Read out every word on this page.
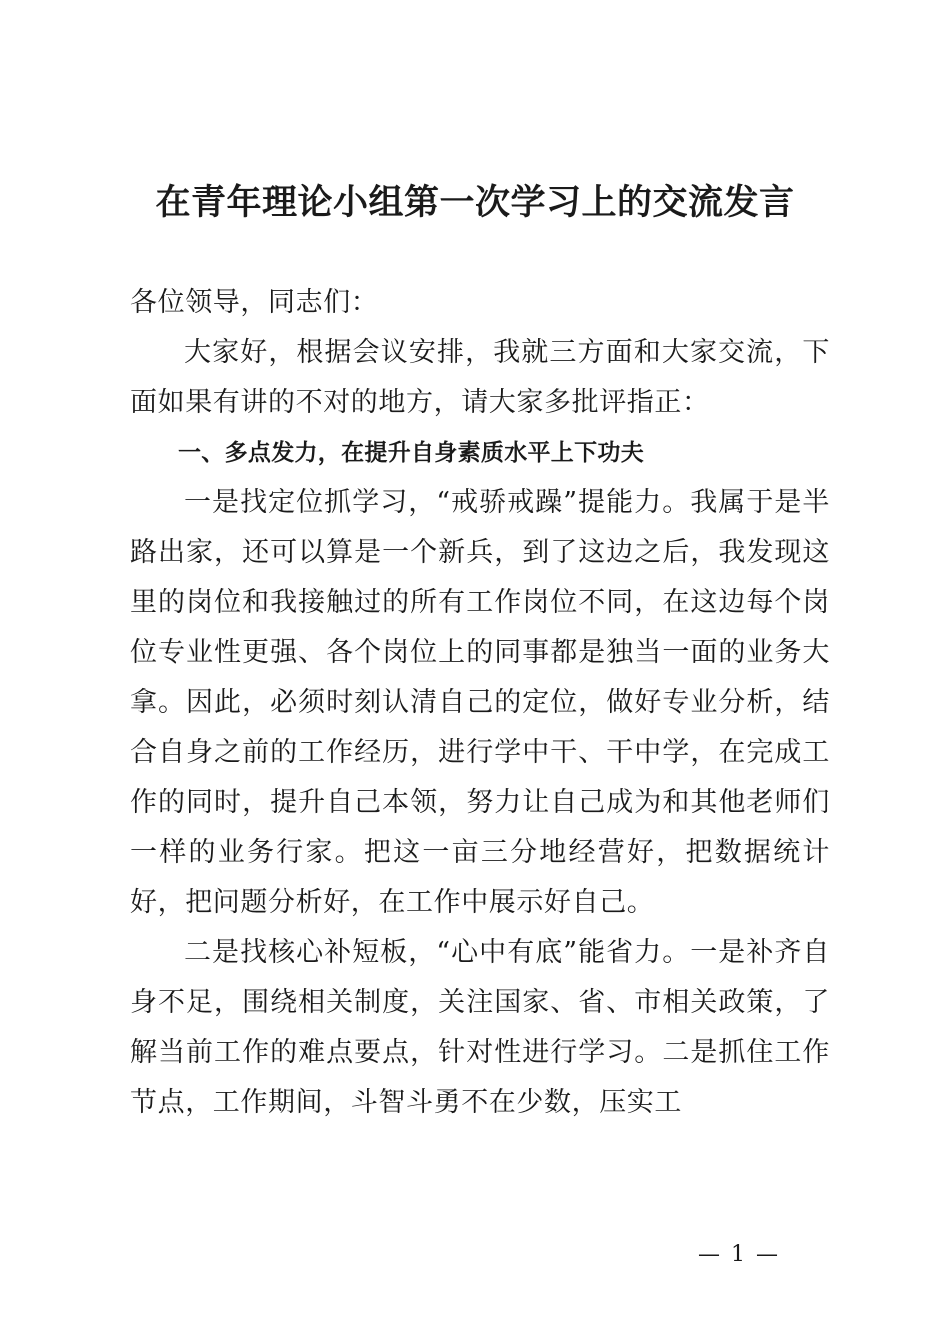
在青年理论小组第一次学习上的交流发言

各位领导，同志们：

大家好，根据会议安排，我就三方面和大家交流，下面如果有讲的不对的地方，请大家多批评指正：

一、多点发力，在提升自身素质水平上下功夫

一是找定位抓学习，“戒骄戒躁”提能力。我属于是半路出家，还可以算是一个新兵，到了这边之后，我发现这里的岗位和我接触过的所有工作岗位不同，在这边每个岗位专业性更强、各个岗位上的同事都是独当一面的业务大拿。因此，必须时刻认清自己的定位，做好专业分析，结合自身之前的工作经历，进行学中干、干中学，在完成工作的同时，提升自己本领，努力让自己成为和其他老师们一样的业务行家。把这一亩三分地经营好，把数据统计好，把问题分析好，在工作中展示好自己。

二是找核心补短板，“心中有底”能省力。一是补齐自身不足，围绕相关制度，关注国家、省、市相关政策，了解当前工作的难点要点，针对性进行学习。二是抓住工作节点，工作期间，斗智斗勇不在少数，压实工

— 1 —
